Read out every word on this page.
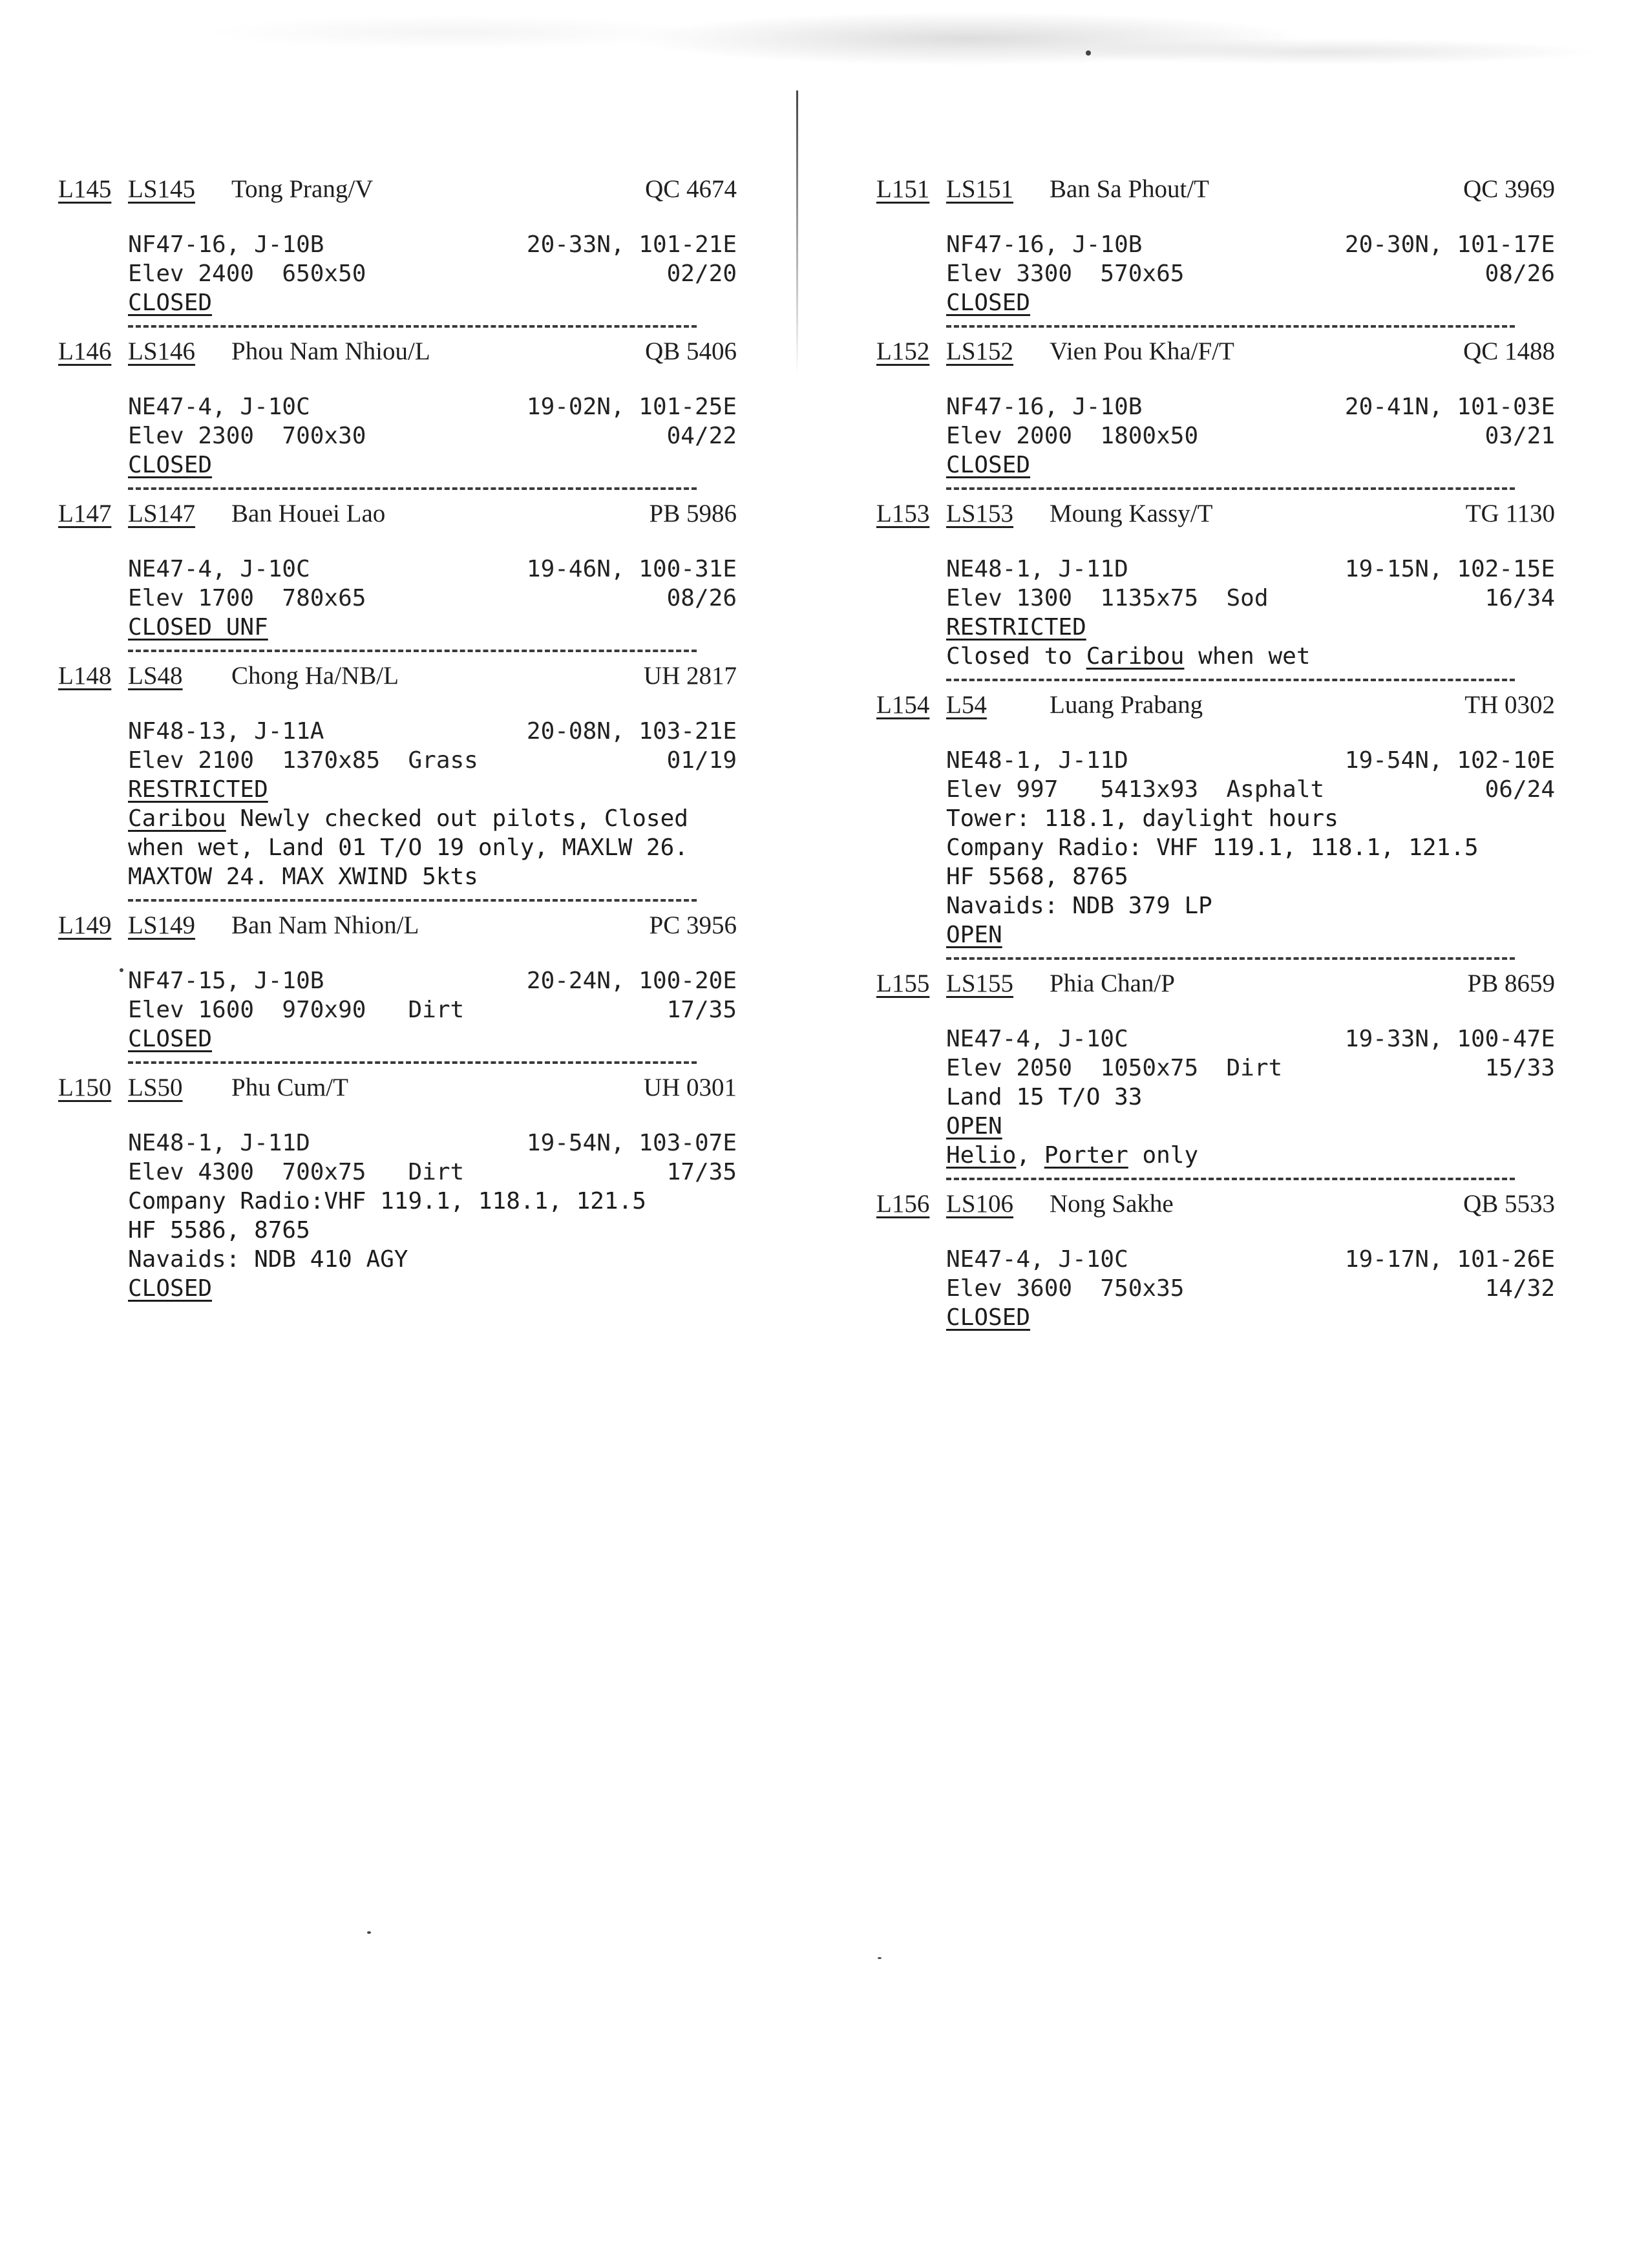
L145 LS145	Tong Prang/V	QC 4674
NF47-16, J-10B	20-33N, 101-21E
Elev 2400  650x50	02/20
CLOSED
L146 LS146	Phou Nam Nhiou/L	QB 5406
NE47-4, J-10C	19-02N, 101-25E
Elev 2300  700x30	04/22
CLOSED
L147 LS147	Ban Houei Lao	PB 5986
NE47-4, J-10C	19-46N, 100-31E
Elev 1700  780x65	08/26
CLOSED UNF
L148 LS48	Chong Ha/NB/L	UH 2817
NF48-13, J-11A	20-08N, 103-21E
Elev 2100  1370x85  Grass	01/19
RESTRICTED
Caribou Newly checked out pilots, Closed
when wet, Land 01 T/O 19 only, MAXLW 26.
MAXTOW 24. MAX XWIND 5kts
L149 LS149	Ban Nam Nhion/L	PC 3956
NF47-15, J-10B	20-24N, 100-20E
Elev 1600  970x90   Dirt	17/35
CLOSED
L150 LS50	Phu Cum/T	UH 0301
NE48-1, J-11D	19-54N, 103-07E
Elev 4300  700x75   Dirt	17/35
Company Radio:VHF 119.1, 118.1, 121.5
HF 5586, 8765
Navaids: NDB 410 AGY
CLOSED
L151 LS151	Ban Sa Phout/T	QC 3969
NF47-16, J-10B	20-30N, 101-17E
Elev 3300  570x65	08/26
CLOSED
L152 LS152	Vien Pou Kha/F/T	QC 1488
NF47-16, J-10B	20-41N, 101-03E
Elev 2000  1800x50	03/21
CLOSED
L153 LS153	Moung Kassy/T	TG 1130
NE48-1, J-11D	19-15N, 102-15E
Elev 1300  1135x75  Sod	16/34
RESTRICTED
Closed to Caribou when wet
L154 L54	Luang Prabang	TH 0302
NE48-1, J-11D	19-54N, 102-10E
Elev 997   5413x93  Asphalt	06/24
Tower: 118.1, daylight hours
Company Radio: VHF 119.1, 118.1, 121.5
HF 5568, 8765
Navaids: NDB 379 LP
OPEN
L155 LS155	Phia Chan/P	PB 8659
NE47-4, J-10C	19-33N, 100-47E
Elev 2050  1050x75  Dirt	15/33
Land 15 T/O 33
OPEN
Helio, Porter only
L156 LS106	Nong Sakhe	QB 5533
NE47-4, J-10C	19-17N, 101-26E
Elev 3600  750x35	14/32
CLOSED
